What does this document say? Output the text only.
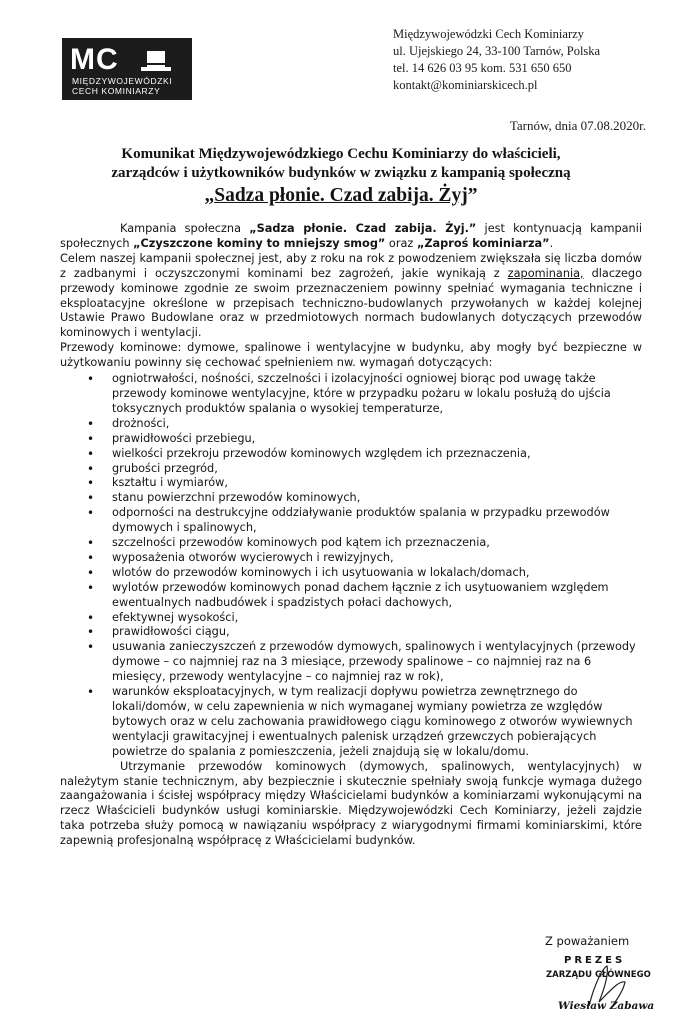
MC
MIĘDZYWOJEWÓDZKI
CECH KOMINIARZY
Międzywojewódzki Cech Kominiarzy
ul. Ujejskiego 24, 33-100 Tarnów, Polska
tel. 14 626 03 95 kom. 531 650 650
kontakt@kominiarskicech.pl
Tarnów, dnia 07.08.2020r.
Komunikat Międzywojewódzkiego Cechu Kominiarzy do właścicieli,
zarządców i użytkowników budynków w związku z kampanią społeczną
„Sadza płonie. Czad zabija. Żyj”

Kampania społeczna „Sadza płonie. Czad zabija. Żyj.” jest kontynuacją kampanii społecznych „Czyszczone kominy to mniejszy smog” oraz „Zaproś kominiarza”.

Celem naszej kampanii społecznej jest, aby z roku na rok z powodzeniem zwiększała się liczba domów z zadbanymi i oczyszczonymi kominami bez zagrożeń, jakie wynikają z zapominania, dlaczego przewody kominowe zgodnie ze swoim przeznaczeniem powinny spełniać wymagania techniczne i eksploatacyjne określone w przepisach techniczno-budowlanych przywołanych w każdej kolejnej Ustawie Prawo Budowlane oraz w przedmiotowych normach budowlanych dotyczących przewodów kominowych i wentylacji.

Przewody kominowe: dymowe, spalinowe i wentylacyjne w budynku, aby mogły być bezpieczne w użytkowaniu powinny się cechować spełnieniem nw. wymagań dotyczących:

• ogniotrwałości, nośności, szczelności i izolacyjności ogniowej biorąc pod uwagę także przewody kominowe wentylacyjne, które w przypadku pożaru w lokalu posłużą do ujścia toksycznych produktów spalania o wysokiej temperaturze,
• drożności,
• prawidłowości przebiegu,
• wielkości przekroju przewodów kominowych względem ich przeznaczenia,
• grubości przegród,
• kształtu i wymiarów,
• stanu powierzchni przewodów kominowych,
• odporności na destrukcyjne oddziaływanie produktów spalania w przypadku przewodów dymowych i spalinowych,
• szczelności przewodów kominowych pod kątem ich przeznaczenia,
• wyposażenia otworów wycierowych i rewizyjnych,
• wlotów do przewodów kominowych i ich usytuowania w lokalach/domach,
• wylotów przewodów kominowych ponad dachem łącznie z ich usytuowaniem względem ewentualnych nadbudówek i spadzistych połaci dachowych,
• efektywnej wysokości,
• prawidłowości ciągu,
• usuwania zanieczyszczeń z przewodów dymowych, spalinowych i wentylacyjnych (przewody dymowe – co najmniej raz na 3 miesiące, przewody spalinowe – co najmniej raz na 6 miesięcy, przewody wentylacyjne – co najmniej raz w rok),
• warunków eksploatacyjnych, w tym realizacji dopływu powietrza zewnętrznego do lokali/domów, w celu zapewnienia w nich wymaganej wymiany powietrza ze względów bytowych oraz w celu zachowania prawidłowego ciągu kominowego z otworów wywiewnych wentylacji grawitacyjnej i ewentualnych palenisk urządzeń grzewczych pobierających powietrze do spalania z pomieszczenia, jeżeli znajdują się w lokalu/domu.

Utrzymanie przewodów kominowych (dymowych, spalinowych, wentylacyjnych) w należytym stanie technicznym, aby bezpiecznie i skutecznie spełniały swoją funkcje wymaga dużego zaangażowania i ścisłej współpracy między Właścicielami budynków a kominiarzami wykonującymi na rzecz Właścicieli budynków usługi kominiarskie. Międzywojewódzki Cech Kominiarzy, jeżeli zajdzie taka potrzeba służy pomocą w nawiązaniu współpracy z wiarygodnymi firmami kominiarskimi, które zapewnią profesjonalną współpracę z Właścicielami budynków.

Z poważaniem
PREZES
ZARZĄDU GŁÓWNEGO
Wiesław Zabawa
